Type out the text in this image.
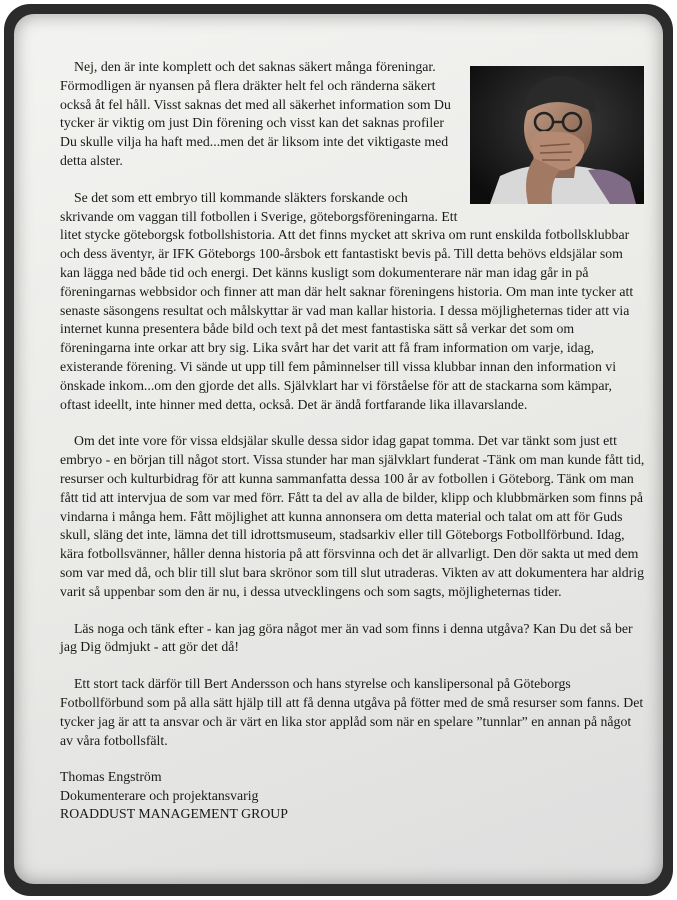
Nej, den är inte komplett och det saknas säkert många föreningar. Förmodligen är nyansen på flera dräkter helt fel och ränderna säkert också åt fel håll. Visst saknas det med all säkerhet information som Du tycker är viktig om just Din förening och visst kan det saknas profiler Du skulle vilja ha haft med...men det är liksom inte det viktigaste med detta alster.

Se det som ett embryo till kommande släkters forskande och skrivande om vaggan till fotbollen i Sverige, göteborgsföreningarna. Ett litet stycke göteborgsk fotbollshistoria. Att det finns mycket att skriva om runt enskilda fotbollsklubbar och dess äventyr, är IFK Göteborgs 100-årsbok ett fantastiskt bevis på. Till detta behövs eldsjälar som kan lägga ned både tid och energi. Det känns kusligt som dokumenterare när man idag går in på föreningarnas webbsidor och finner att man där helt saknar föreningens historia. Om man inte tycker att senaste säsongens resultat och målskyttar är vad man kallar historia. I dessa möjligheternas tider att via internet kunna presentera både bild och text på det mest fantastiska sätt så verkar det som om föreningarna inte orkar att bry sig. Lika svårt har det varit att få fram information om varje, idag, existerande förening. Vi sände ut upp till fem påminnelser till vissa klubbar innan den information vi önskade inkom...om den gjorde det alls. Självklart har vi förståelse för att de stackarna som kämpar, oftast ideellt, inte hinner med detta, också. Det är ändå fortfarande lika illavarslande.

Om det inte vore för vissa eldsjälar skulle dessa sidor idag gapat tomma. Det var tänkt som just ett embryo - en början till något stort. Vissa stunder har man självklart funderat -Tänk om man kunde fått tid, resurser och kulturbidrag för att kunna sammanfatta dessa 100 år av fotbollen i Göteborg. Tänk om man fått tid att intervjua de som var med förr. Fått ta del av alla de bilder, klipp och klubbmärken som finns på vindarna i många hem. Fått möjlighet att kunna annonsera om detta material och talat om att för Guds skull, släng det inte, lämna det till idrottsmuseum, stadsarkiv eller till Göteborgs Fotbollförbund. Idag, kära fotbollsvänner, håller denna historia på att försvinna och det är allvarligt. Den dör sakta ut med dem som var med då, och blir till slut bara skrönor som till slut utraderas. Vikten av att dokumentera har aldrig varit så uppenbar som den är nu, i dessa utvecklingens och som sagts, möjligheternas tider.

Läs noga och tänk efter - kan jag göra något mer än vad som finns i denna utgåva? Kan Du det så ber jag Dig ödmjukt - att gör det då!

Ett stort tack därför till Bert Andersson och hans styrelse och kanslipersonal på Göteborgs Fotbollförbund som på alla sätt hjälp till att få denna utgåva på fötter med de små resurser som fanns. Det tycker jag är att ta ansvar och är värt en lika stor applåd som när en spelare ”tunnlar” en annan på något av våra fotbollsfält.

Thomas Engström
Dokumenterare och projektansvarig
ROADDUST MANAGEMENT GROUP
